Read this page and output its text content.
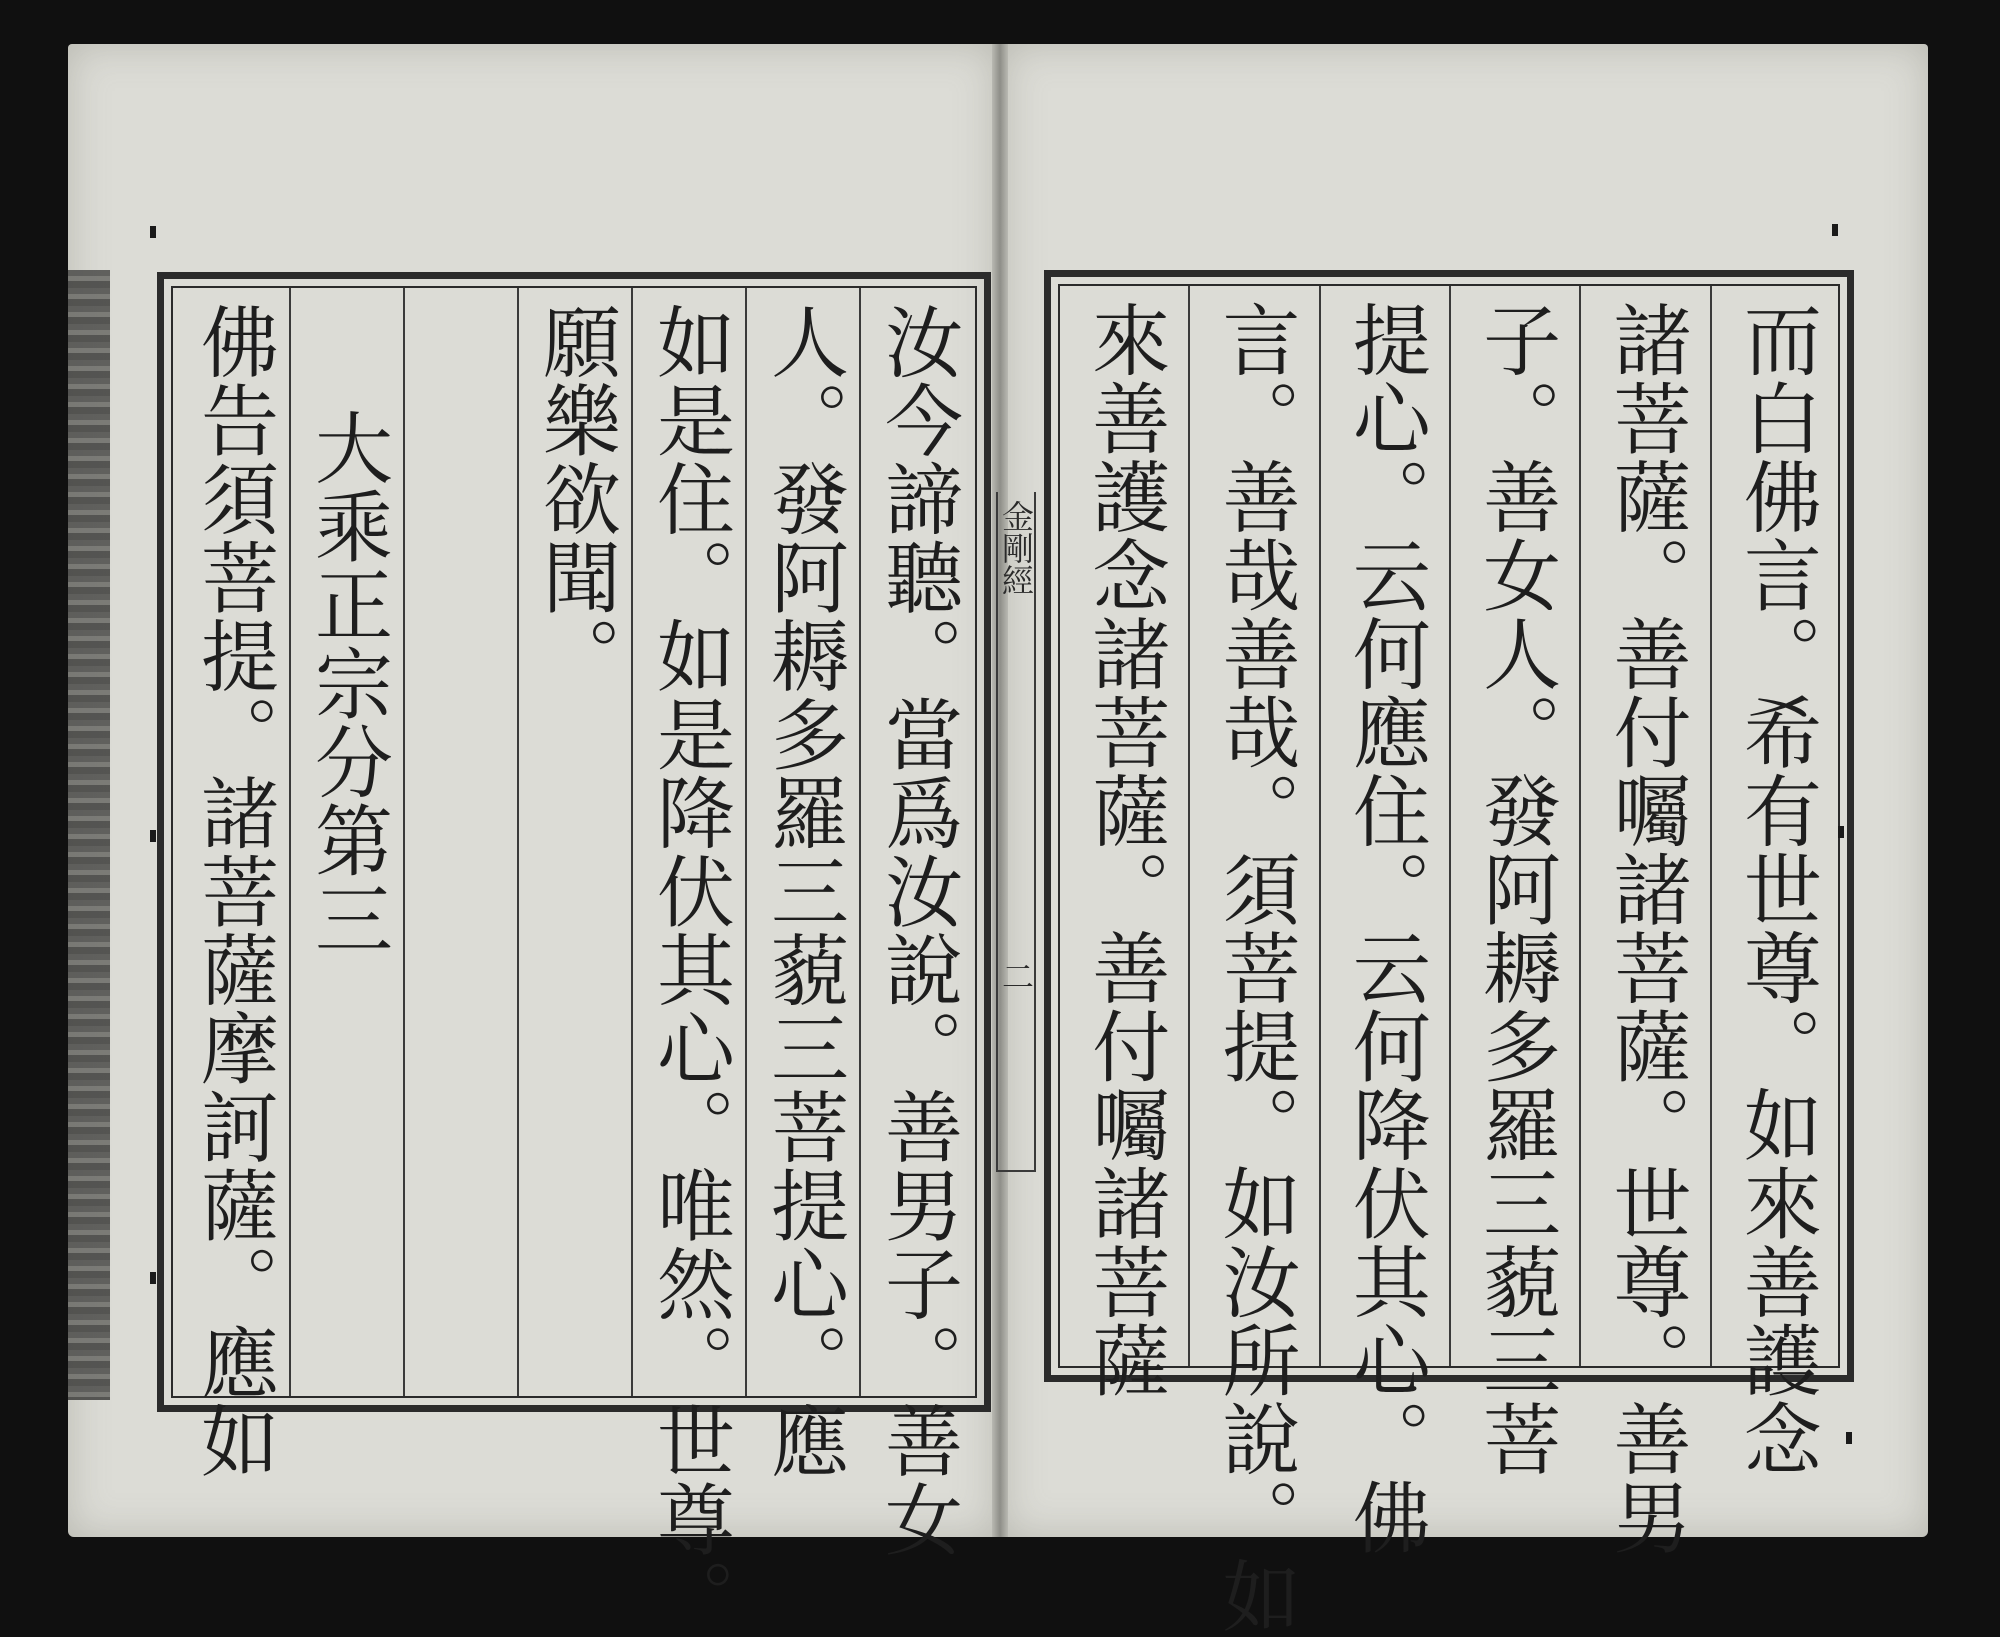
而白佛言。希有世尊。如來善護念
諸菩薩。善付囑諸菩薩。世尊。善男
子。善女人。發阿耨多羅三藐三菩
提心。云何應住。云何降伏其心。佛
言。善哉善哉。須菩提。如汝所說。如
來善護念諸菩薩。善付囑諸菩薩
汝今諦聽。當爲汝說。善男子。善女
人。發阿耨多羅三藐三菩提心。應
如是住。如是降伏其心。唯然。世尊。
願樂欲聞。
大乘正宗分第三
佛告須菩提。諸菩薩摩訶薩。應如	金剛經
二
